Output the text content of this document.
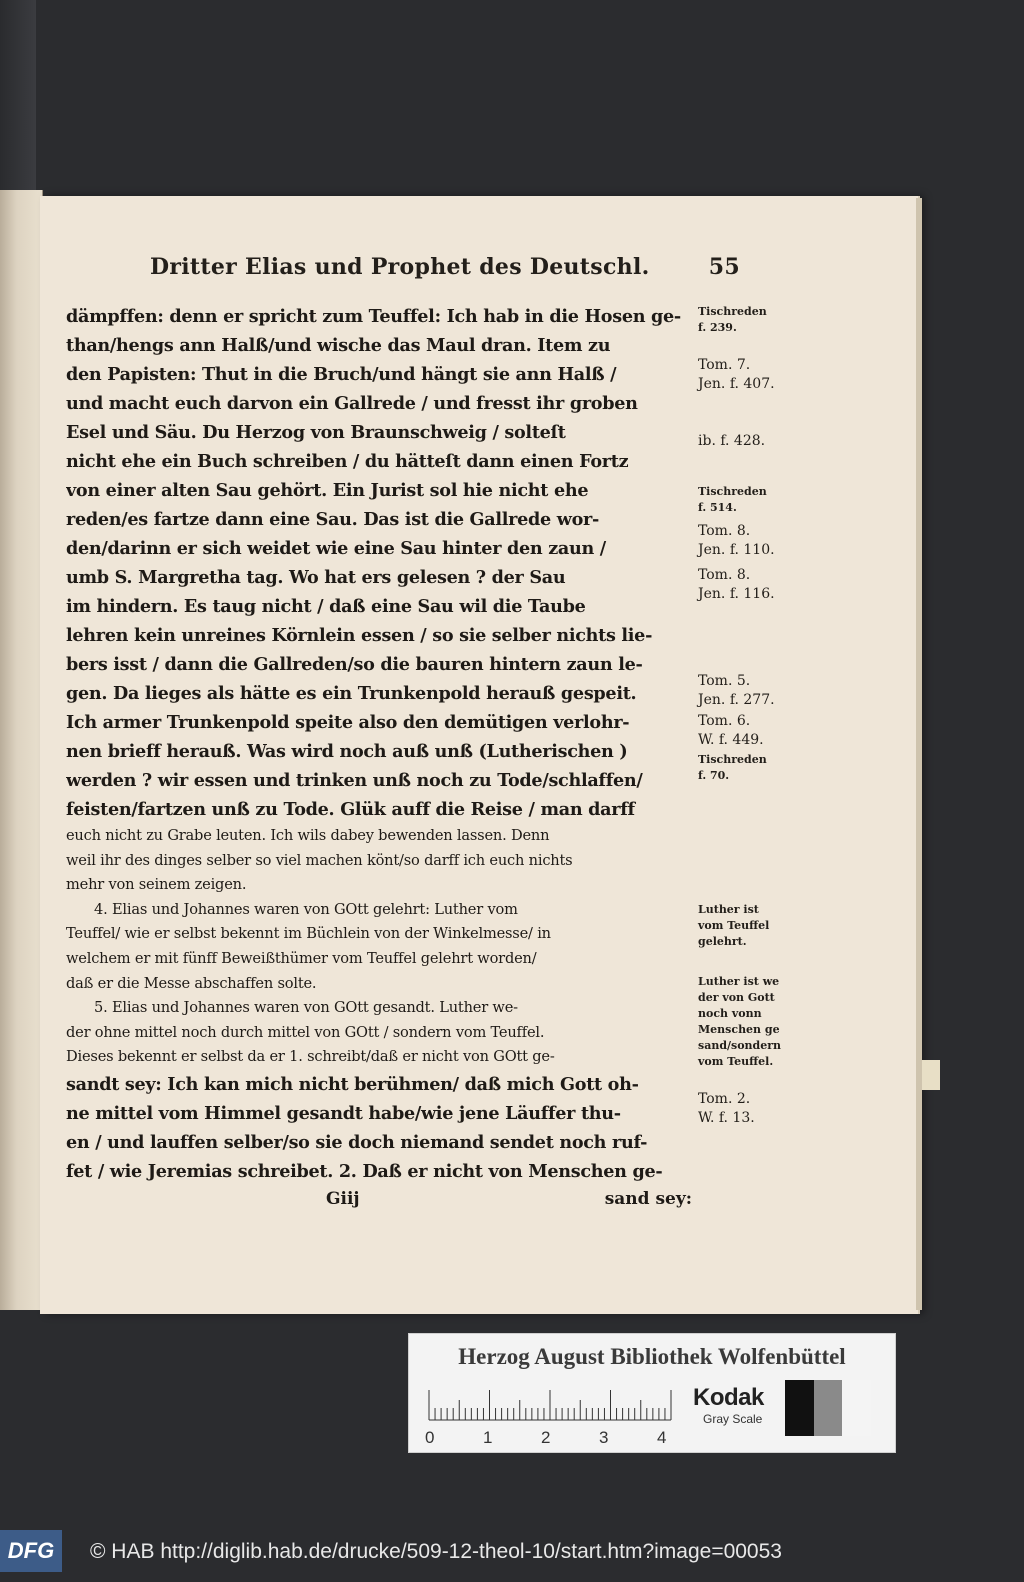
Dritter Elias und Prophet des Deutschl.	55
dämpffen: denn er spricht zum Teuffel: Ich hab in die Hosen ge-
than/hengs ann Halß/und wische das Maul dran. Item zu
den Papisten: Thut in die Bruch/und hängt sie ann Halß /
und macht euch darvon ein Gallrede / und fresst ihr groben
Esel und Säu. Du Herzog von Braunschweig / solteſt
nicht ehe ein Buch schreiben / du hätteſt dann einen Fortz
von einer alten Sau gehört. Ein Jurist sol hie nicht ehe
reden/es fartze dann eine Sau. Das ist die Gallrede wor-
den/darinn er sich weidet wie eine Sau hinter den zaun /
umb S. Margretha tag. Wo hat ers gelesen ? der Sau
im hindern. Es taug nicht / daß eine Sau wil die Taube
lehren kein unreines Körnlein essen / so sie selber nichts lie-
bers isst / dann die Gallreden/so die bauren hintern zaun le-
gen. Da lieges als hätte es ein Trunkenpold herauß gespeit.
Ich armer Trunkenpold speite also den demütigen verlohr-
nen brieff herauß. Was wird noch auß unß (Lutherischen )
werden ? wir essen und trinken unß noch zu Tode/schlaffen/
feisten/fartzen unß zu Tode. Glük auff die Reise / man darff
euch nicht zu Grabe leuten. Ich wils dabey bewenden lassen. Denn
weil ihr des dinges selber so viel machen könt/so darff ich euch nichts
mehr von seinem zeigen.
4. Elias und Johannes waren von GOtt gelehrt: Luther vom
Teuffel/ wie er selbst bekennt im Büchlein von der Winkelmesse/ in
welchem er mit fünff Beweißthümer vom Teuffel gelehrt worden/
daß er die Messe abschaffen solte.
5. Elias und Johannes waren von GOtt gesandt. Luther we-
der ohne mittel noch durch mittel von GOtt / sondern vom Teuffel.
Dieses bekennt er selbst da er 1. schreibt/daß er nicht von GOtt ge-
sandt sey: Ich kan mich nicht berühmen/ daß mich Gott oh-
ne mittel vom Himmel gesandt habe/wie jene Läuffer thu-
en / und lauffen selber/so sie doch niemand sendet noch ruf-
fet / wie Jeremias schreibet. 2. Daß er nicht von Menschen ge-
Giij	sand sey:
Tischreden
f. 239.
Tom. 7.
Jen. f. 407.
ib. f. 428.
Tischreden
f. 514.
Tom. 8.
Jen. f. 110.
Tom. 8.
Jen. f. 116.
Tom. 5.
Jen. f. 277.
Tom. 6.
W. f. 449.
Tischreden
f. 70.
Luther ist
vom Teuffel
gelehrt.
Luther ist we
der von Gott
noch vonn
Menschen ge
sand/sondern
vom Teuffel.
Tom. 2.
W. f. 13.
Herzog August Bibliothek Wolfenbüttel
0	1	2	3	4
Kodak
Gray Scale
DFG	© HAB http://diglib.hab.de/drucke/509-12-theol-10/start.htm?image=00053
